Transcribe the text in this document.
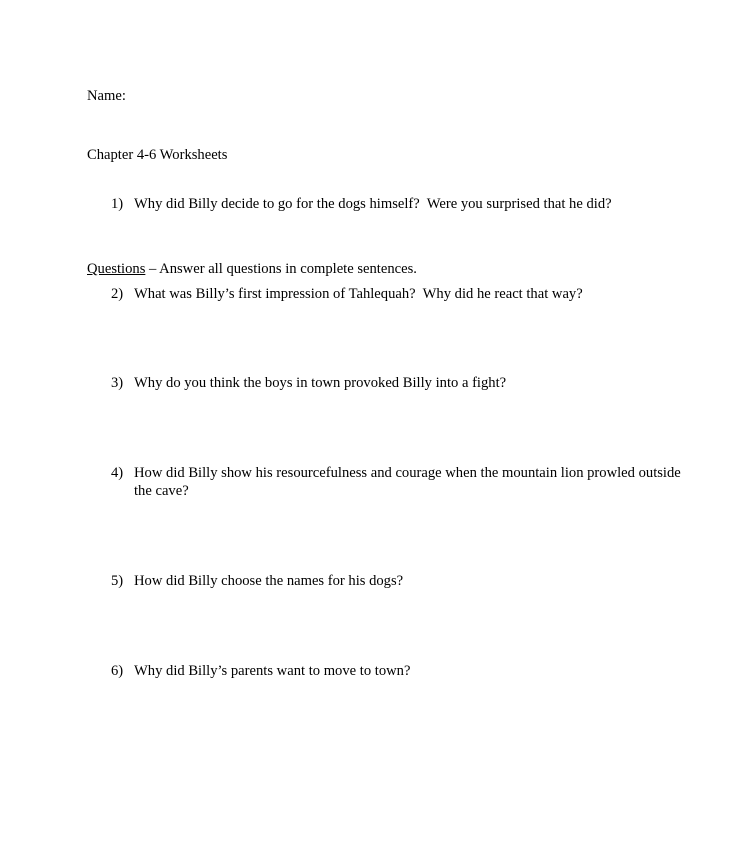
Name:

Chapter 4-6 Worksheets

Questions – Answer all questions in complete sentences.

1) Why did Billy decide to go for the dogs himself?  Were you surprised that he did?
2) What was Billy’s first impression of Tahlequah?  Why did he react that way?
3) Why do you think the boys in town provoked Billy into a fight?
4) How did Billy show his resourcefulness and courage when the mountain lion prowled outside the cave?
5) How did Billy choose the names for his dogs?
6) Why did Billy’s parents want to move to town?
